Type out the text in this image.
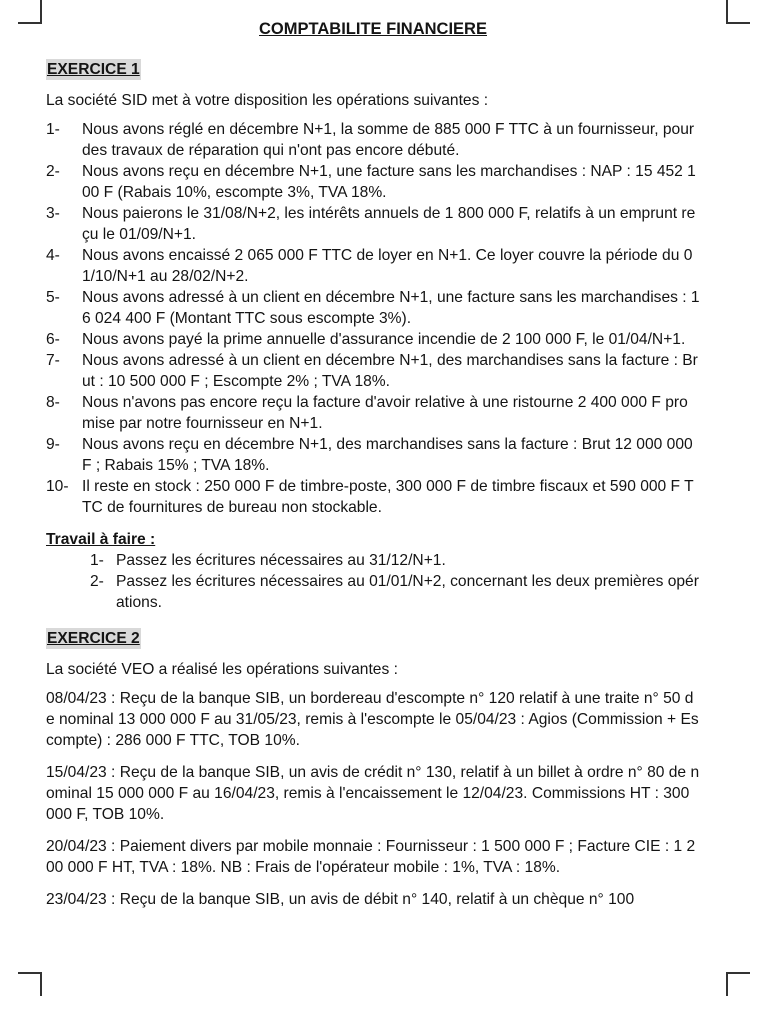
COMPTABILITE FINANCIERE
EXERCICE 1
La société SID met à votre disposition les opérations suivantes :
1-	Nous avons réglé en décembre N+1, la somme de 885 000 F TTC à un fournisseur, pour des travaux de réparation qui n'ont pas encore débuté.
2-	Nous avons reçu en décembre N+1, une facture sans les marchandises : NAP : 15 452 100 F (Rabais 10%, escompte 3%, TVA 18%.
3-	Nous paierons le 31/08/N+2, les intérêts annuels de 1 800 000 F, relatifs à un emprunt reçu le 01/09/N+1.
4-	Nous avons encaissé 2 065 000 F TTC de loyer en N+1. Ce loyer couvre la période du 01/10/N+1 au 28/02/N+2.
5-	Nous avons adressé à un client en décembre N+1, une facture sans les marchandises : 16 024 400 F (Montant TTC sous escompte 3%).
6-	Nous avons payé la prime annuelle d'assurance incendie de 2 100 000 F, le 01/04/N+1.
7-	Nous avons adressé à un client en décembre N+1, des marchandises sans la facture : Brut : 10 500 000 F ; Escompte 2% ; TVA 18%.
8-	Nous n'avons pas encore reçu la facture d'avoir relative à une ristourne 2 400 000 F promise par notre fournisseur en N+1.
9-	Nous avons reçu en décembre N+1, des marchandises sans la facture : Brut 12 000 000 F ; Rabais 15% ; TVA 18%.
10- Il reste en stock : 250 000 F de timbre-poste, 300 000 F de timbre fiscaux et 590 000 F TTC de fournitures de bureau non stockable.
Travail à faire :
1- Passez les écritures nécessaires au 31/12/N+1.
2- Passez les écritures nécessaires au 01/01/N+2, concernant les deux premières opérations.
EXERCICE 2
La société VEO a réalisé les opérations suivantes :
08/04/23 : Reçu de la banque SIB, un bordereau d'escompte n° 120 relatif à une traite n° 50 de nominal 13 000 000 F au 31/05/23, remis à l'escompte le 05/04/23 : Agios (Commission + Escompte) : 286 000 F TTC, TOB 10%.
15/04/23 : Reçu de la banque SIB, un avis de crédit n° 130, relatif à un billet à ordre n° 80 de nominal 15 000 000 F au 16/04/23, remis à l'encaissement le 12/04/23. Commissions HT : 300 000 F, TOB 10%.
20/04/23 : Paiement divers par mobile monnaie : Fournisseur : 1 500 000 F ; Facture CIE : 1 200 000 F HT, TVA : 18%. NB : Frais de l'opérateur mobile : 1%, TVA : 18%.
23/04/23 : Reçu de la banque SIB, un avis de débit n° 140, relatif à un chèque n° 100
